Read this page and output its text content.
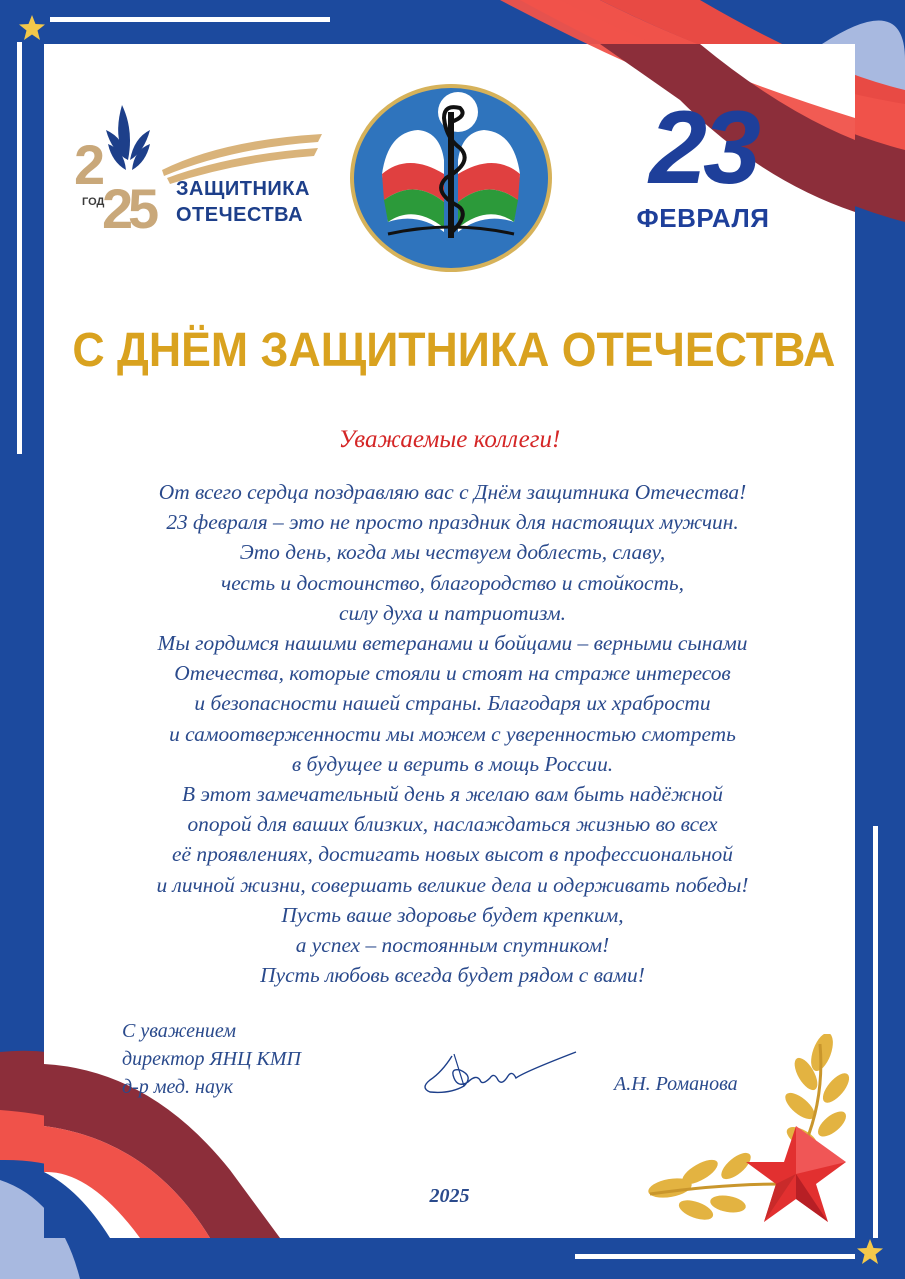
2
2
5
ГОД
ЗАЩИТНИКА
ОТЕЧЕСТВА
23
ФЕВРАЛЯ
С ДНЁМ ЗАЩИТНИКА ОТЕЧЕСТВА
Уважаемые коллеги!
От всего сердца поздравляю вас с Днём защитника Отечества!
23 февраля – это не просто праздник для настоящих мужчин.
Это день, когда мы чествуем доблесть, славу,
честь и достоинство, благородство и стойкость,
силу духа и патриотизм.
Мы гордимся нашими ветеранами и бойцами – верными сынами
Отечества, которые стояли и стоят на страже интересов
и безопасности нашей страны. Благодаря их храбрости
и самоотверженности мы можем с уверенностью смотреть
в будущее и верить в мощь России.
В этот замечательный день я желаю вам быть надёжной
опорой для ваших близких, наслаждаться жизнью во всех
её проявлениях, достигать новых высот в профессиональной
и личной жизни, совершать великие дела и одерживать победы!
Пусть ваше здоровье будет крепким,
а успех – постоянным спутником!
Пусть любовь всегда будет рядом с вами!
С уважением
директор ЯНЦ КМП
д-р мед. наук	А.Н. Романова
2025
